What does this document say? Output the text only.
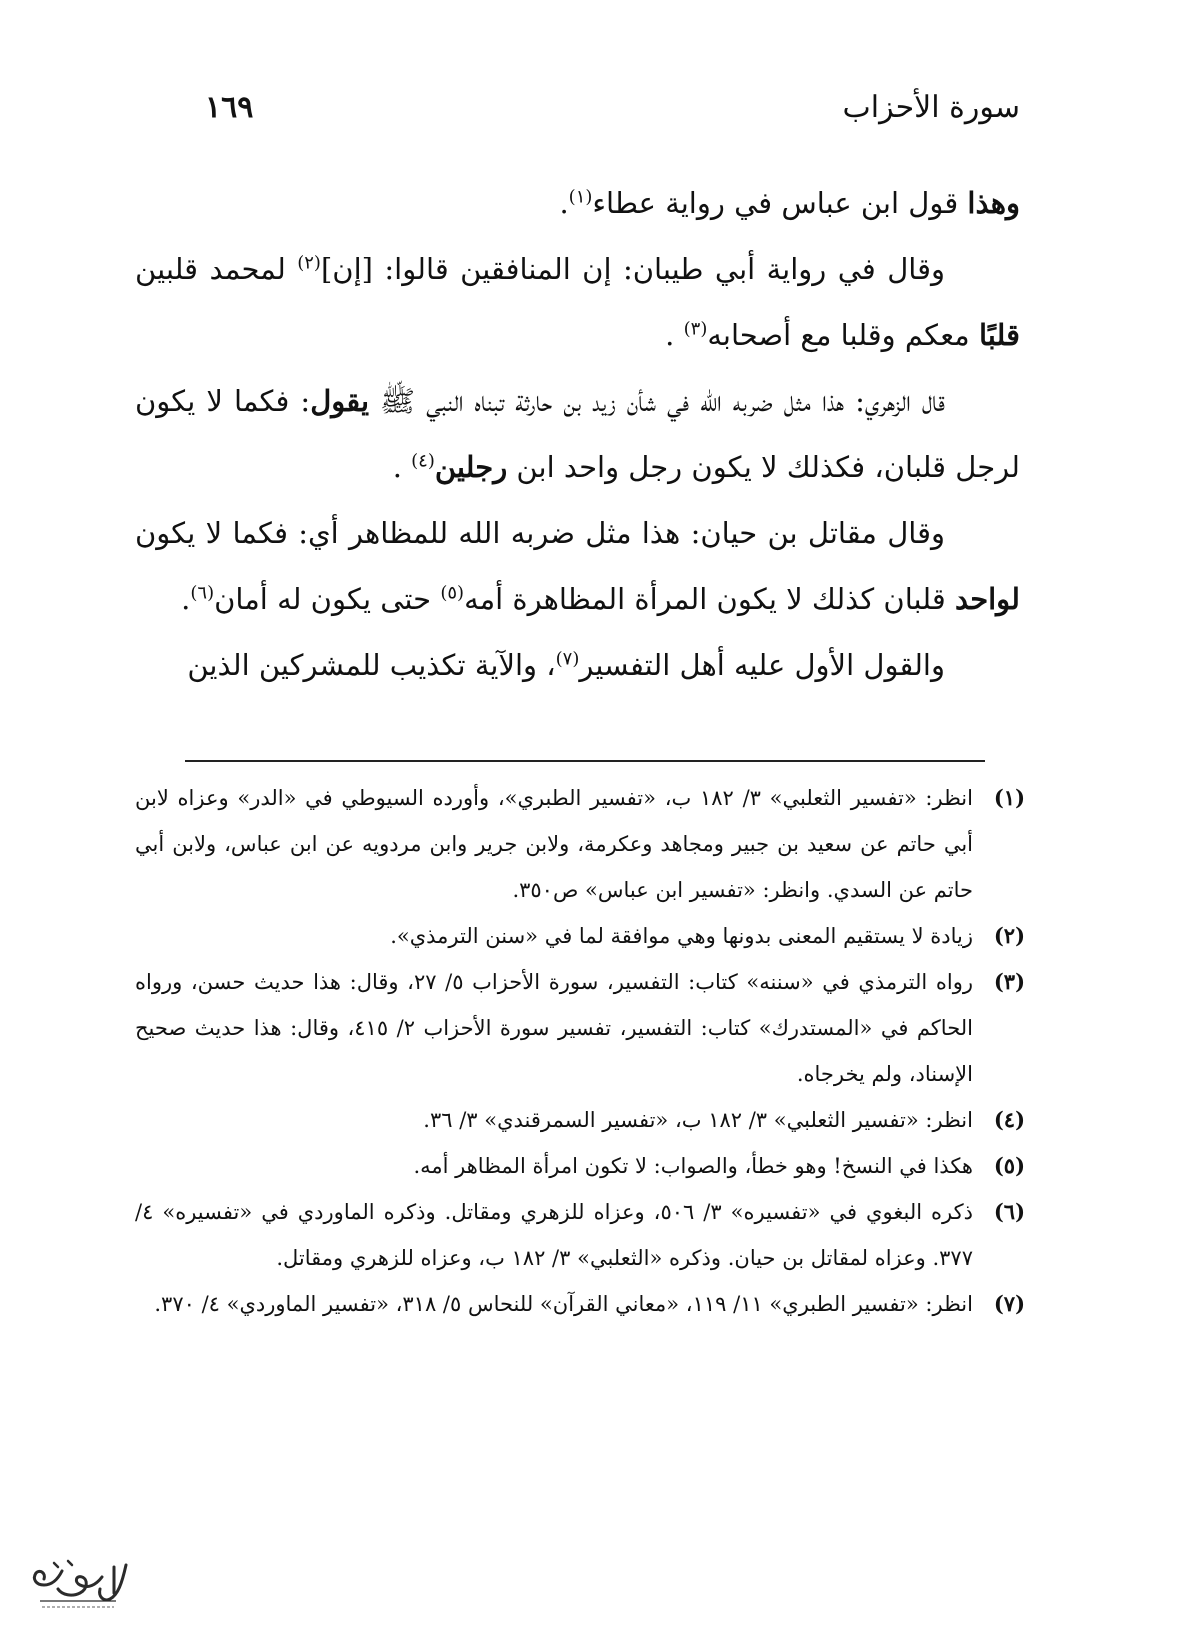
سورة الأحزاب
١٦٩

وهذا قول ابن عباس في رواية عطاء$^{(١)}$.

وقال في رواية أبي طيبان: إن المنافقين قالوا: [إن]$^{(٢)}$ لمحمد قلبين قلبًا معكم وقلبا مع أصحابه$^{(٣)}$ .

قال الزهري: هذا مثل ضربه الله في شأن زيد بن حارثة تبناه النبي ﷺ يقول: فكما لا يكون لرجل قلبان، فكذلك لا يكون رجل واحد ابن رجلين$^{(٤)}$ .

وقال مقاتل بن حيان: هذا مثل ضربه الله للمظاهر أي: فكما لا يكون لواحد قلبان كذلك لا يكون المرأة المظاهرة أمه$^{(٥)}$ حتى يكون له أمان$^{(٦)}$.

والقول الأول عليه أهل التفسير$^{(٧)}$، والآية تكذيب للمشركين الذين

(١)
انظر: «تفسير الثعلبي» ٣/ ١٨٢ ب، «تفسير الطبري»، وأورده السيوطي في «الدر» وعزاه لابن أبي حاتم عن سعيد بن جبير ومجاهد وعكرمة، ولابن جرير وابن مردويه عن ابن عباس، ولابن أبي حاتم عن السدي. وانظر: «تفسير ابن عباس» ص٣٥٠.
(٢)
زيادة لا يستقيم المعنى بدونها وهي موافقة لما في «سنن الترمذي».
(٣)
رواه الترمذي في «سننه» كتاب: التفسير، سورة الأحزاب ٥/ ٢٧، وقال: هذا حديث حسن، ورواه الحاكم في «المستدرك» كتاب: التفسير، تفسير سورة الأحزاب ٢/ ٤١٥، وقال: هذا حديث صحيح الإسناد، ولم يخرجاه.
(٤)
انظر: «تفسير الثعلبي» ٣/ ١٨٢ ب، «تفسير السمرقندي» ٣/ ٣٦.
(٥)
هكذا في النسخ! وهو خطأ، والصواب: لا تكون امرأة المظاهر أمه.
(٦)
ذكره البغوي في «تفسيره» ٣/ ٥٠٦، وعزاه للزهري ومقاتل. وذكره الماوردي في «تفسيره» ٤/ ٣٧٧. وعزاه لمقاتل بن حيان. وذكره «الثعلبي» ٣/ ١٨٢ ب، وعزاه للزهري ومقاتل.
(٧)
انظر: «تفسير الطبري» ١١/ ١١٩، «معاني القرآن» للنحاس ٥/ ٣١٨، «تفسير الماوردي» ٤/ ٣٧٠.
